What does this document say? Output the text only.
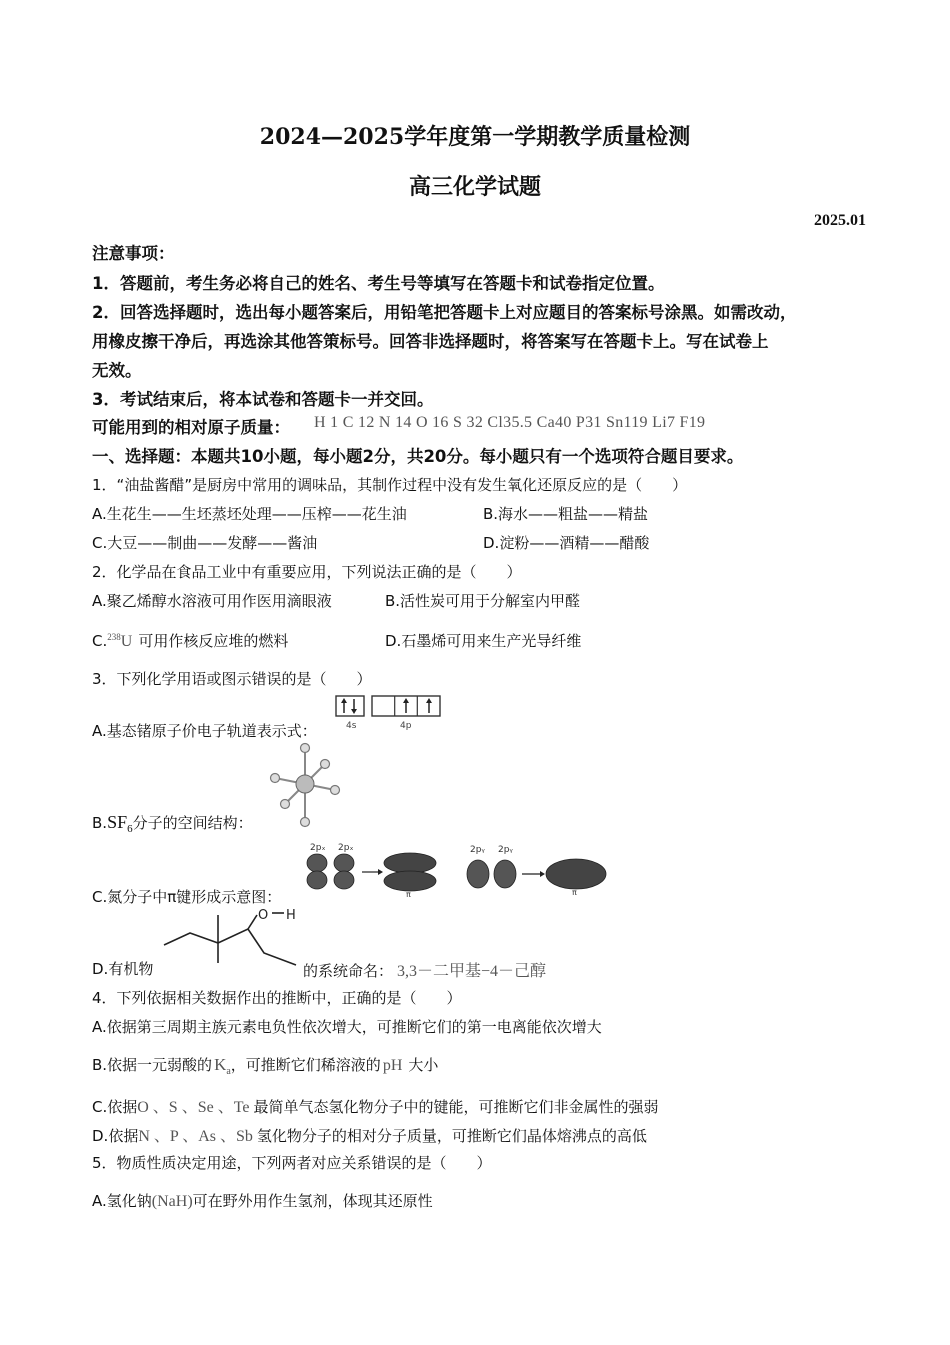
2024—2025学年度第一学期教学质量检测
高三化学试题
2025.01
注意事项：
1．答题前，考生务必将自己的姓名、考生号等填写在答题卡和试卷指定位置。
2．回答选择题时，选出每小题答案后，用铅笔把答题卡上对应题目的答案标号涂黑。如需改动，
用橡皮擦干净后，再选涂其他答策标号。回答非选择题时，将答案写在答题卡上。写在试卷上
无效。
3．考试结束后，将本试卷和答题卡一并交回。
可能用到的相对原子质量： H 1 C 12 N 14 O 16 S 32 Cl35.5 Ca40 P31 Sn119 Li7 F19
一、选择题：本题共10小题，每小题2分，共20分。每小题只有一个选项符合题目要求。
1．“油盐酱醋”是厨房中常用的调味品，其制作过程中没有发生氧化还原反应的是（　　）
A.生花生——生坯蒸坯处理——压榨——花生油	B.海水——粗盐——精盐
C.大豆——制曲——发酵——酱油	D.淀粉——酒精——醋酸
2．化学品在食品工业中有重要应用，下列说法正确的是（　　）
A.聚乙烯醇水溶液可用作医用滴眼液	B.活性炭可用于分解室内甲醛
C.$^{238}$U 可用作核反应堆的燃料	D.石墨烯可用来生产光导纤维
3．下列化学用语或图示错误的是（　　）
A.基态锗原子价电子轨道表示式：	4s	4p
$B.SF_6$分子的空间结构：
C.氮分子中π键形成示意图：
2pₓ 2pₓ
π
2pᵧ 2pᵧ
π
D.有机物
O H
的系统命名： 3,3－二甲基−4－己醇
4．下列依据相关数据作出的推断中，正确的是（　　）
A.依据第三周期主族元素电负性依次增大，可推断它们的第一电离能依次增大
B.依据一元弱酸的 $K_a$，可推断它们稀溶液的 pH 大小
C.依据O 、S 、Se 、Te 最简单气态氢化物分子中的键能，可推断它们非金属性的强弱
D.依据N 、P 、As 、Sb 氢化物分子的相对分子质量，可推断它们晶体熔沸点的高低
5．物质性质决定用途，下列两者对应关系错误的是（　　）
A.氢化钠(NaH)可在野外用作生氢剂，体现其还原性
